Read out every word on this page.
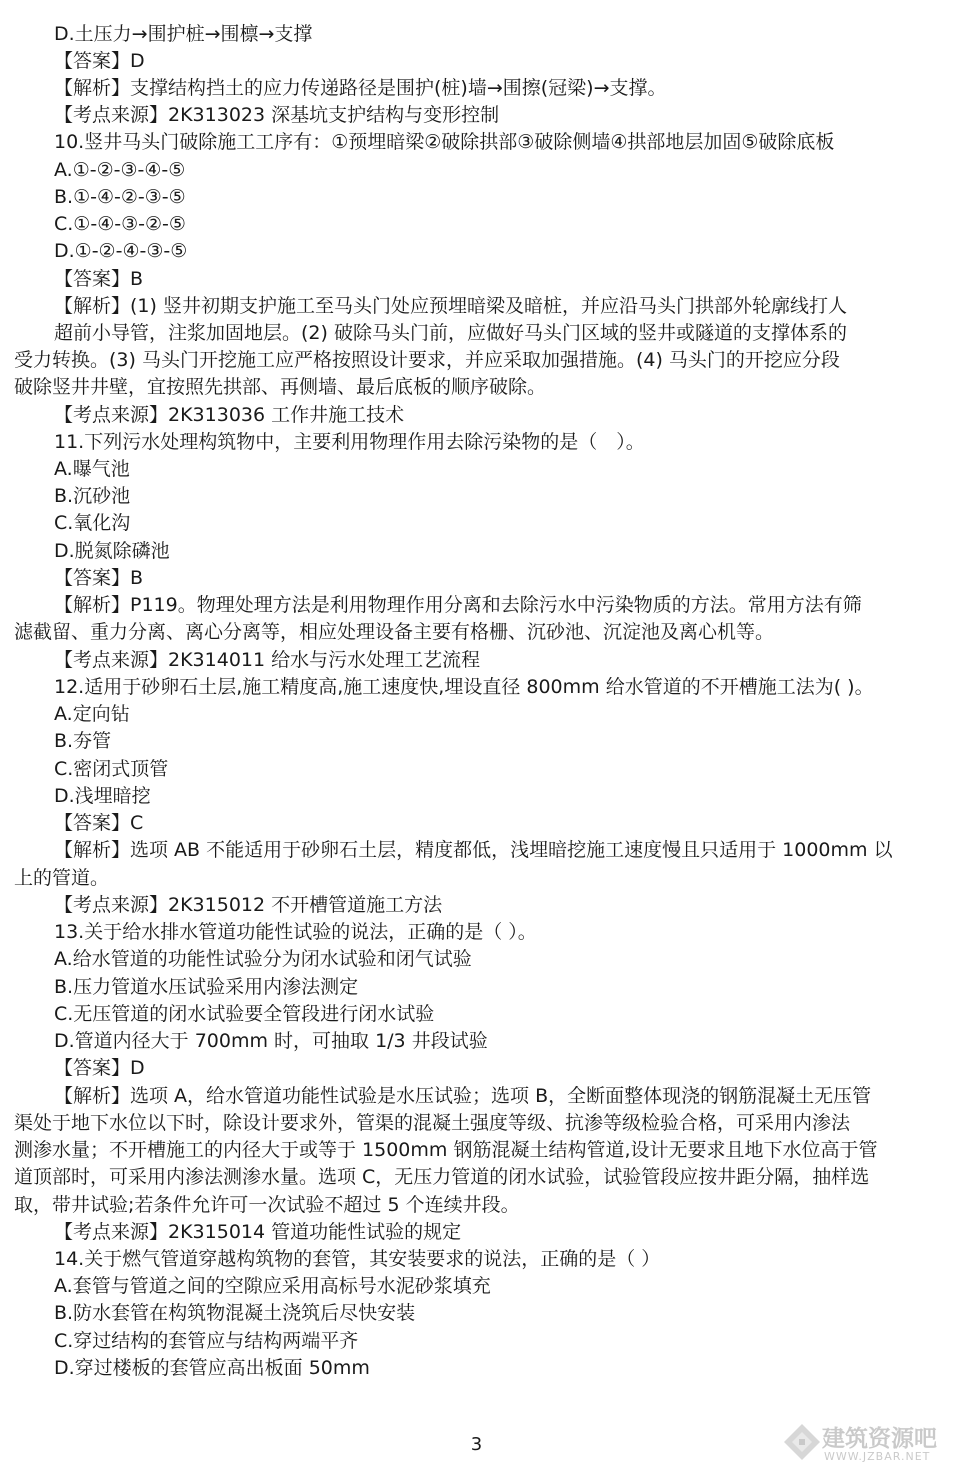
D.土压力→围护桩→围檩→支撑
【答案】D
【解析】支撑结构挡土的应力传递路径是围护(桩)墙→围擦(冠梁)→支撑。
【考点来源】2K313023 深基坑支护结构与变形控制
10.竖井马头门破除施工工序有：①预埋暗梁②破除拱部③破除侧墙④拱部地层加固⑤破除底板
A.①-②-③-④-⑤
B.①-④-②-③-⑤
C.①-④-③-②-⑤
D.①-②-④-③-⑤
【答案】B
【解析】(1) 竖井初期支护施工至马头门处应预埋暗梁及暗桩，并应沿马头门拱部外轮廓线打人
超前小导管，注浆加固地层。(2) 破除马头门前，应做好马头门区域的竖井或隧道的支撑体系的
受力转换。(3) 马头门开挖施工应严格按照设计要求，并应采取加强措施。(4) 马头门的开挖应分段
破除竖井井壁，宜按照先拱部、再侧墙、最后底板的顺序破除。
【考点来源】2K313036 工作井施工技术
11.下列污水处理构筑物中，主要利用物理作用去除污染物的是（　）。
A.曝气池
B.沉砂池
C.氧化沟
D.脱氮除磷池
【答案】B
【解析】P119。物理处理方法是利用物理作用分离和去除污水中污染物质的方法。常用方法有筛
滤截留、重力分离、离心分离等，相应处理设备主要有格栅、沉砂池、沉淀池及离心机等。
【考点来源】2K314011 给水与污水处理工艺流程
12.适用于砂卵石土层,施工精度高,施工速度快,埋设直径 800mm 给水管道的不开槽施工法为( )。
A.定向钻
B.夯管
C.密闭式顶管
D.浅埋暗挖
【答案】C
【解析】选项 AB 不能适用于砂卵石土层，精度都低，浅埋暗挖施工速度慢且只适用于 1000mm 以
上的管道。
【考点来源】2K315012 不开槽管道施工方法
13.关于给水排水管道功能性试验的说法，正确的是（ ）。
A.给水管道的功能性试验分为闭水试验和闭气试验
B.压力管道水压试验采用内渗法测定
C.无压管道的闭水试验要全管段进行闭水试验
D.管道内径大于 700mm 时，可抽取 1/3 井段试验
【答案】D
【解析】选项 A，给水管道功能性试验是水压试验；选项 B，全断面整体现浇的钢筋混凝土无压管
渠处于地下水位以下时，除设计要求外，管渠的混凝土强度等级、抗渗等级检验合格，可采用内渗法
测渗水量；不开槽施工的内径大于或等于 1500mm 钢筋混凝土结构管道,设计无要求且地下水位高于管
道顶部时，可采用内渗法测渗水量。选项 C，无压力管道的闭水试验，试验管段应按井距分隔，抽样选
取，带井试验;若条件允许可一次试验不超过 5 个连续井段。
【考点来源】2K315014 管道功能性试验的规定
14.关于燃气管道穿越构筑物的套管，其安装要求的说法，正确的是（ ）
A.套管与管道之间的空隙应采用高标号水泥砂浆填充
B.防水套管在构筑物混凝土浇筑后尽快安装
C.穿过结构的套管应与结构两端平齐
D.穿过楼板的套管应高出板面 50mm
3	建筑资源吧
WWW.JZBAR.NET
